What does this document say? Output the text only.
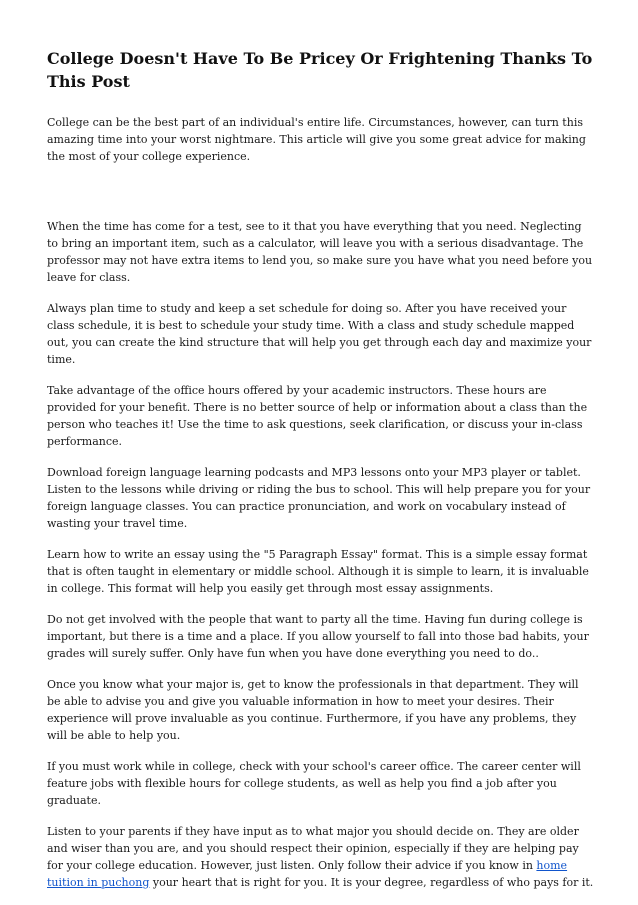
College Doesn't Have To Be Pricey Or Frightening Thanks To This Post

College can be the best part of an individual's entire life. Circumstances, however, can turn this amazing time into your worst nightmare. This article will give you some great advice for making the most of your college experience.

When the time has come for a test, see to it that you have everything that you need. Neglecting to bring an important item, such as a calculator, will leave you with a serious disadvantage. The professor may not have extra items to lend you, so make sure you have what you need before you leave for class.

Always plan time to study and keep a set schedule for doing so. After you have received your class schedule, it is best to schedule your study time. With a class and study schedule mapped out, you can create the kind structure that will help you get through each day and maximize your time.

Take advantage of the office hours offered by your academic instructors. These hours are provided for your benefit. There is no better source of help or information about a class than the person who teaches it! Use the time to ask questions, seek clarification, or discuss your in-class performance.

Download foreign language learning podcasts and MP3 lessons onto your MP3 player or tablet. Listen to the lessons while driving or riding the bus to school. This will help prepare you for your foreign language classes. You can practice pronunciation, and work on vocabulary instead of wasting your travel time.

Learn how to write an essay using the "5 Paragraph Essay" format. This is a simple essay format that is often taught in elementary or middle school. Although it is simple to learn, it is invaluable in college. This format will help you easily get through most essay assignments.

Do not get involved with the people that want to party all the time. Having fun during college is important, but there is a time and a place. If you allow yourself to fall into those bad habits, your grades will surely suffer. Only have fun when you have done everything you need to do..

Once you know what your major is, get to know the professionals in that department. They will be able to advise you and give you valuable information in how to meet your desires. Their experience will prove invaluable as you continue. Furthermore, if you have any problems, they will be able to help you.

If you must work while in college, check with your school's career office. The career center will feature jobs with flexible hours for college students, as well as help you find a job after you graduate.

Listen to your parents if they have input as to what major you should decide on. They are older and wiser than you are, and you should respect their opinion, especially if they are helping pay for your college education. However, just listen. Only follow their advice if you know in home tuition in puchong your heart that is right for you. It is your degree, regardless of who pays for it.
